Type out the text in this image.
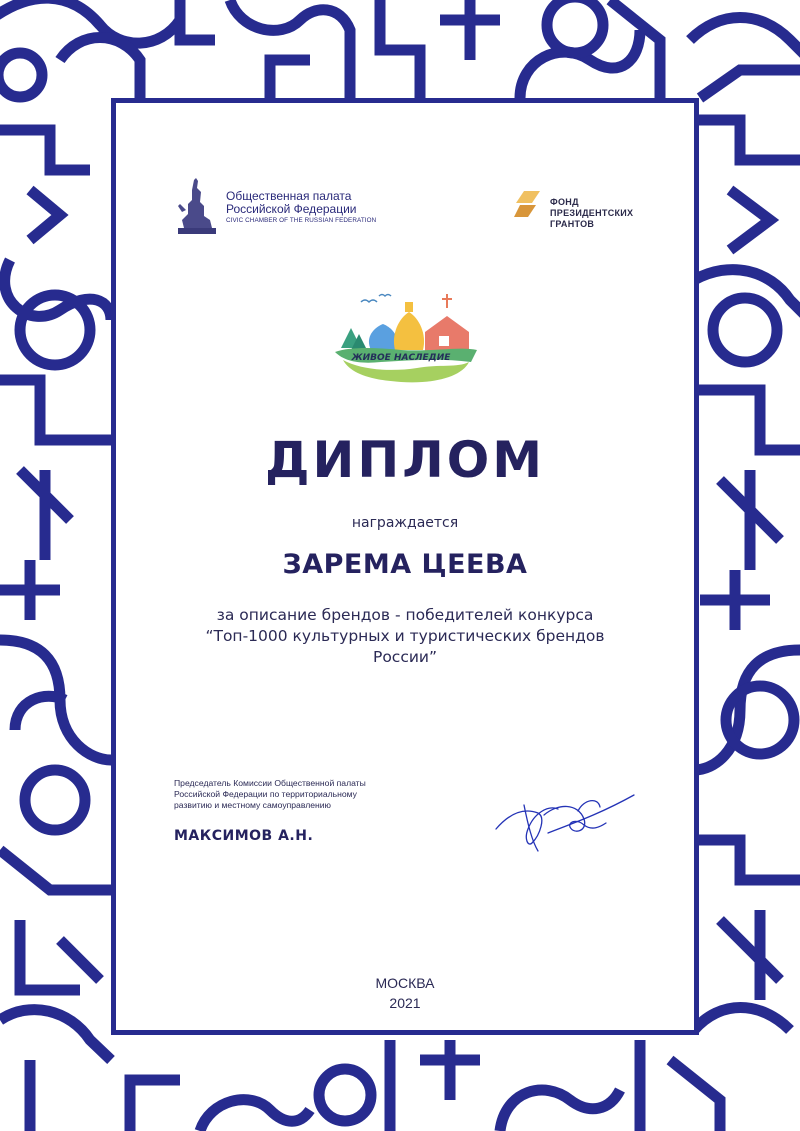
Общественная палата
Российской Федерации
CIVIC CHAMBER OF THE RUSSIAN FEDERATION
ФОНД
ПРЕЗИДЕНТСКИХ
ГРАНТОВ
ЖИВОЕ НАСЛЕДИЕ
ДИПЛОМ
награждается
ЗАРЕМА ЦЕЕВА
за описание брендов - победителей конкурса
“Топ-1000 культурных и туристических брендов
России”
Председатель Комиссии Общественной палаты
Российской Федерации по территориальному
развитию и местному самоуправлению
МАКСИМОВ А.Н.
МОСКВА
2021
